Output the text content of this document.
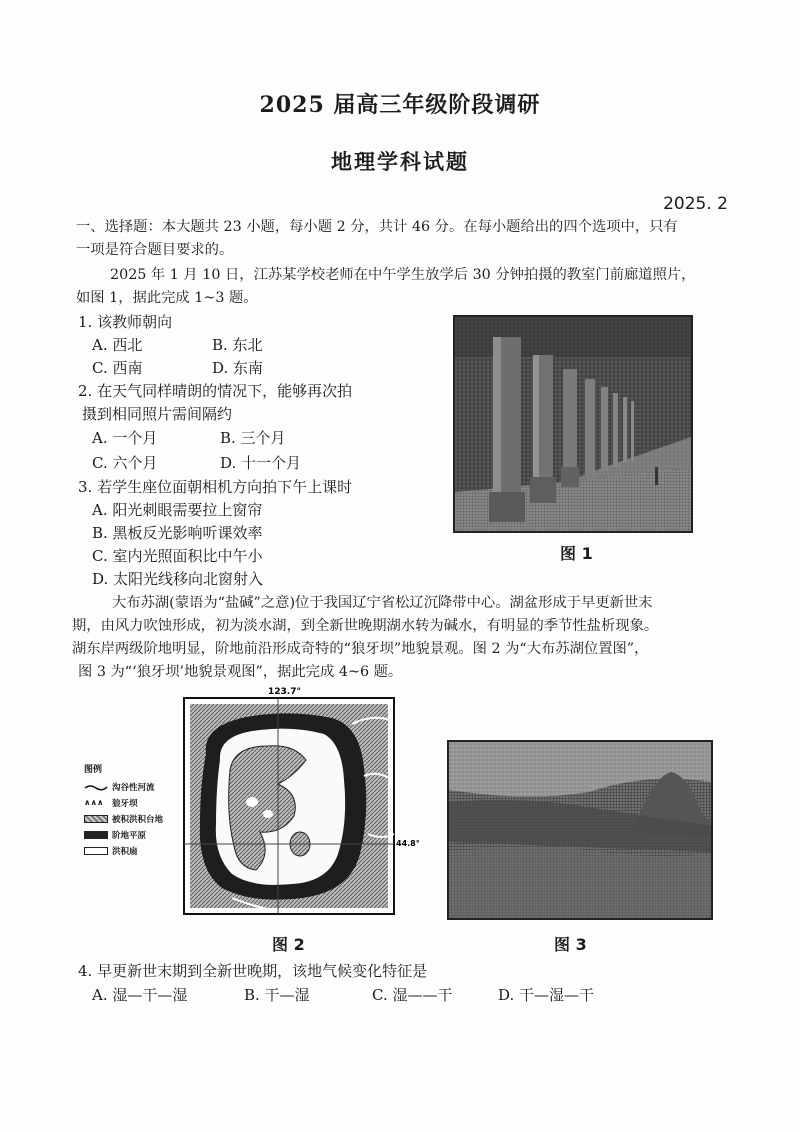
2025 届高三年级阶段调研
地理学科试题
2025. 2
一、选择题：本大题共 23 小题，每小题 2 分，共计 46 分。在每小题给出的四个选项中，只有
一项是符合题目要求的。
2025 年 1 月 10 日，江苏某学校老师在中午学生放学后 30 分钟拍摄的教室门前廊道照片，
如图 1，据此完成 1~3 题。
1. 该教师朝向
A. 西北	B. 东北
C. 西南	D. 东南
2. 在天气同样晴朗的情况下，能够再次拍
摄到相同照片需间隔约
A. 一个月	B. 三个月
C. 六个月	D. 十一个月
3. 若学生座位面朝相机方向拍下午上课时
A. 阳光刺眼需要拉上窗帘
B. 黑板反光影响听课效率
C. 室内光照面积比中午小
D. 太阳光线移向北窗射入
图 1
大布苏湖(蒙语为“盐碱”之意)位于我国辽宁省松辽沉降带中心。湖盆形成于早更新世末
期，由风力吹蚀形成，初为淡水湖，到全新世晚期湖水转为碱水，有明显的季节性盐析现象。
湖东岸两级阶地明显，阶地前沿形成奇特的“狼牙坝”地貌景观。图 2 为“大布苏湖位置图”，
图 3 为“‘狼牙坝’地貌景观图”，据此完成 4~6 题。
图例
沟谷性河流
∧∧∧	狼牙坝
被积洪积台地
阶地平原
洪积扇
123.7°
44.8°
图 2	图 3
4. 早更新世末期到全新世晚期，该地气候变化特征是
A. 湿—干—湿	B. 干—湿	C. 湿——干	D. 干—湿—干
